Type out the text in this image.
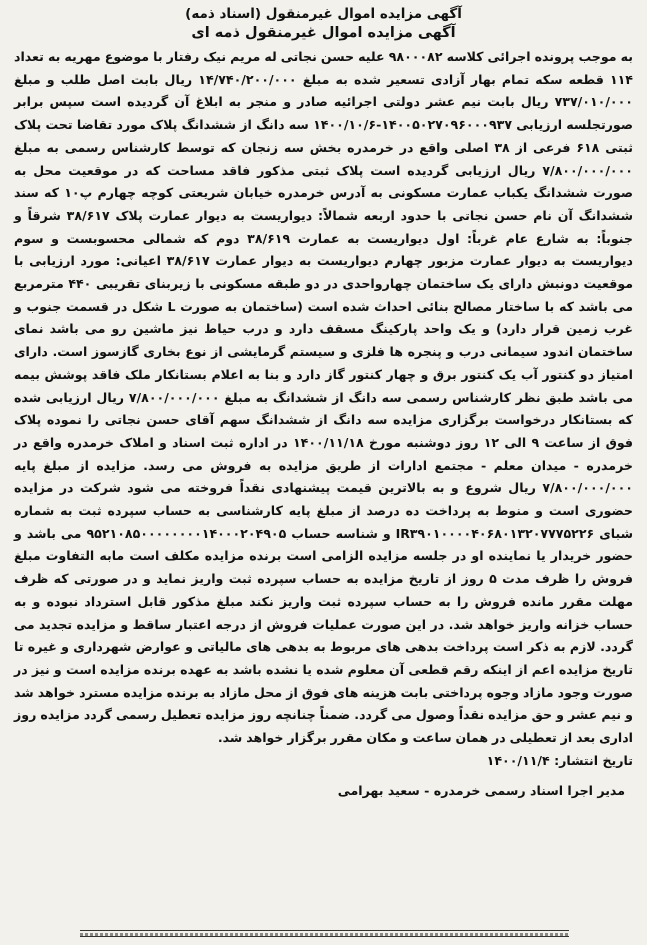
آگهی مزایده اموال غیرمنقول (اسناد ذمه)
آگهی مزایده اموال غیرمنقول ذمه ای
به موجب پرونده اجرائی کلاسه ۹۸۰۰۰۸۲ علیه حسن نجاتی له مریم نیک رفتار با موضوع مهریه به تعداد ۱۱۴ قطعه سکه تمام بهار آزادی تسعیر شده به مبلغ ۱۴/۷۴۰/۲۰۰/۰۰۰ ریال بابت اصل طلب و مبلغ ۷۳۷/۰۱۰/۰۰۰ ریال بابت نیم عشر دولتی اجرائیه صادر و منجر به ابلاغ آن گردیده است سپس برابر صورتجلسه ارزیابی ۱۴۰۰۵۰۲۷۰۹۶۰۰۰۹۳۷-۱۴۰۰/۱۰/۶ سه دانگ از ششدانگ پلاک مورد تقاضا تحت پلاک ثبتی ۶۱۸ فرعی از ۳۸ اصلی واقع در خرمدره بخش سه زنجان که توسط کارشناس رسمی به مبلغ ۷/۸۰۰/۰۰۰/۰۰۰ ریال ارزیابی گردیده است پلاک ثبتی مذکور فاقد مساحت که در موقعیت محل به صورت ششدانگ یکباب عمارت مسکونی به آدرس خرمدره خیابان شریعتی کوچه چهارم پ۱۰ که سند ششدانگ آن نام حسن نجاتی با حدود اربعه شمالاً: دیواریست به دیوار عمارت پلاک ۳۸/۶۱۷ شرقاً و جنوباً: به شارع عام غرباً: اول دیواریست به عمارت ۳۸/۶۱۹ دوم که شمالی محسوبست و سوم دیواریست به دیوار عمارت مزبور چهارم دیواریست به دیوار عمارت ۳۸/۶۱۷ اعیانی: مورد ارزیابی با موقعیت دونبش دارای یک ساختمان چهارواحدی در دو طبقه مسکونی با زیربنای تقریبی ۴۴۰ مترمربع می باشد که با ساختار مصالح بنائی احداث شده است (ساختمان به صورت L شکل در قسمت جنوب و غرب زمین قرار دارد) و یک واحد پارکینگ مسقف دارد و درب حیاط نیز ماشین رو می باشد نمای ساختمان اندود سیمانی درب و پنجره ها فلزی و سیستم گرمایشی از نوع بخاری گازسوز است. دارای امتیاز دو کنتور آب یک کنتور برق و چهار کنتور گاز دارد و بنا به اعلام بستانکار ملک فاقد پوشش بیمه می باشد طبق نظر کارشناس رسمی سه دانگ از ششدانگ به مبلغ ۷/۸۰۰/۰۰۰/۰۰۰ ریال ارزیابی شده که بستانکار درخواست برگزاری مزایده سه دانگ از ششدانگ سهم آقای حسن نجاتی را نموده پلاک فوق از ساعت ۹ الی ۱۲ روز دوشنبه مورخ ۱۴۰۰/۱۱/۱۸ در اداره ثبت اسناد و املاک خرمدره واقع در خرمدره - میدان معلم - مجتمع ادارات از طریق مزایده به فروش می رسد. مزایده از مبلغ پایه ۷/۸۰۰/۰۰۰/۰۰۰ ریال شروع و به بالاترین قیمت پیشنهادی نقداً فروخته می شود شرکت در مزایده حضوری است و منوط به پرداخت ده درصد از مبلغ پایه کارشناسی به حساب سپرده ثبت به شماره شبای IR۳۹۰۱۰۰۰۰۴۰۶۸۰۱۳۲۰۷۷۷۵۲۲۶ و شناسه حساب ۹۵۲۱۰۸۵۰۰۰۰۰۰۰۰۱۴۰۰۰۲۰۴۹۰۵ می باشد و حضور خریدار یا نماینده او در جلسه مزایده الزامی است برنده مزایده مکلف است مابه التفاوت مبلغ فروش را ظرف مدت ۵ روز از تاریخ مزایده به حساب سپرده ثبت واریز نماید و در صورتی که ظرف مهلت مقرر مانده فروش را به حساب سپرده ثبت واریز نکند مبلغ مذکور قابل استرداد نبوده و به حساب خزانه واریز خواهد شد. در این صورت عملیات فروش از درجه اعتبار ساقط و مزایده تجدید می گردد. لازم به ذکر است پرداخت بدهی های مربوط به بدهی های مالیاتی و عوارض شهرداری و غیره تا تاریخ مزایده اعم از اینکه رقم قطعی آن معلوم شده یا نشده باشد به عهده برنده مزایده است و نیز در صورت وجود مازاد وجوه پرداختی بابت هزینه های فوق از محل مازاد به برنده مزایده مسترد خواهد شد و نیم عشر و حق مزایده نقداً وصول می گردد. ضمناً چنانچه روز مزایده تعطیل رسمی گردد مزایده روز اداری بعد از تعطیلی در همان ساعت و مکان مقرر برگزار خواهد شد.
تاریخ انتشار: ۱۴۰۰/۱۱/۴
مدیر اجرا اسناد رسمی خرمدره - سعید بهرامی
